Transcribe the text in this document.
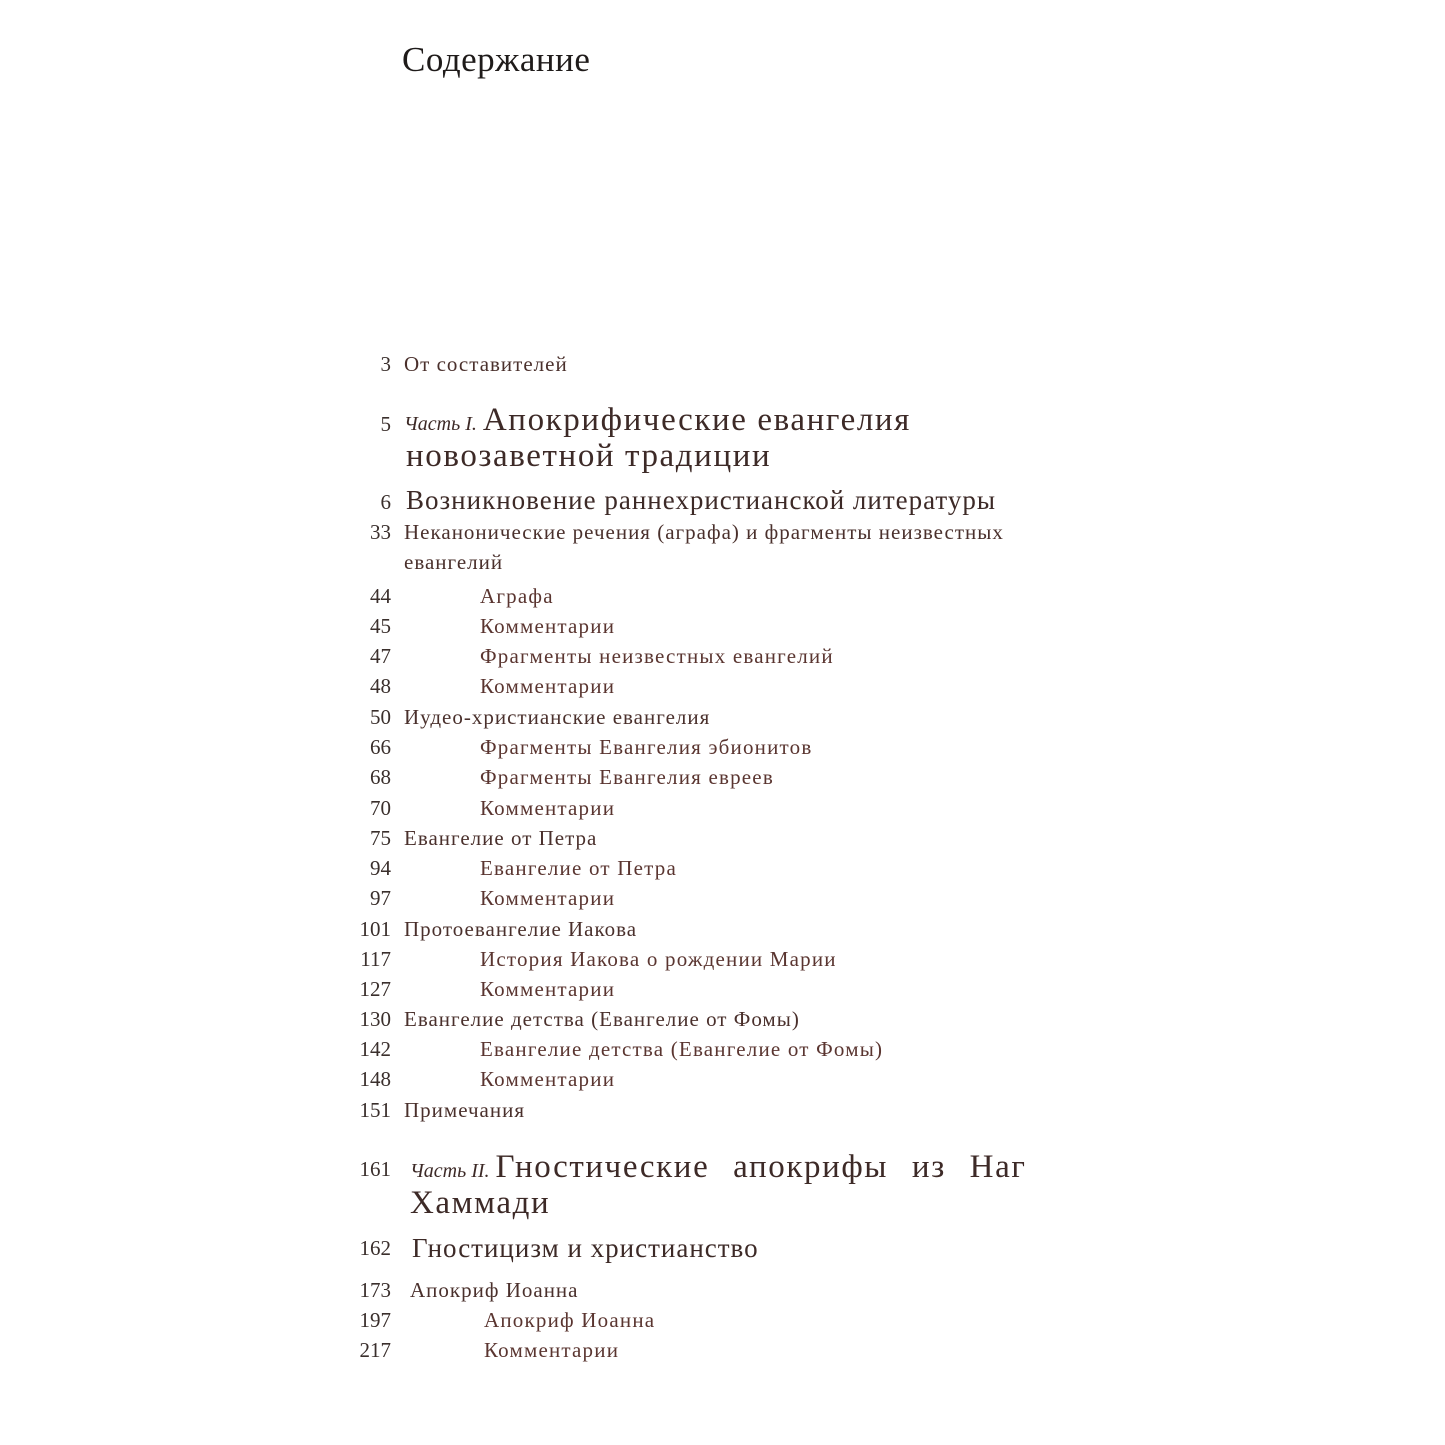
Содержание
3 От составителей
5 Часть I. Апокрифические евангелия
новозаветной традиции
6 Возникновение раннехристианской литературы
33 Неканонические речения (аграфа) и фрагменты неизвестных
евангелий
44	Аграфа
45	Комментарии
47	Фрагменты неизвестных евангелий
48	Комментарии
50 Иудео-христианские евангелия
66	Фрагменты Евангелия эбионитов
68	Фрагменты Евангелия евреев
70	Комментарии
75 Евангелие от Петра
94	Евангелие от Петра
97	Комментарии
101 Протоевангелие Иакова
117	История Иакова о рождении Марии
127	Комментарии
130 Евангелие детства (Евангелие от Фомы)
142	Евангелие детства (Евангелие от Фомы)
148	Комментарии
151 Примечания
161 Часть II. Гностические апокрифы из Наг
Хаммади
162 Гностицизм и христианство
173 Апокриф Иоанна
197	Апокриф Иоанна
217	Комментарии
